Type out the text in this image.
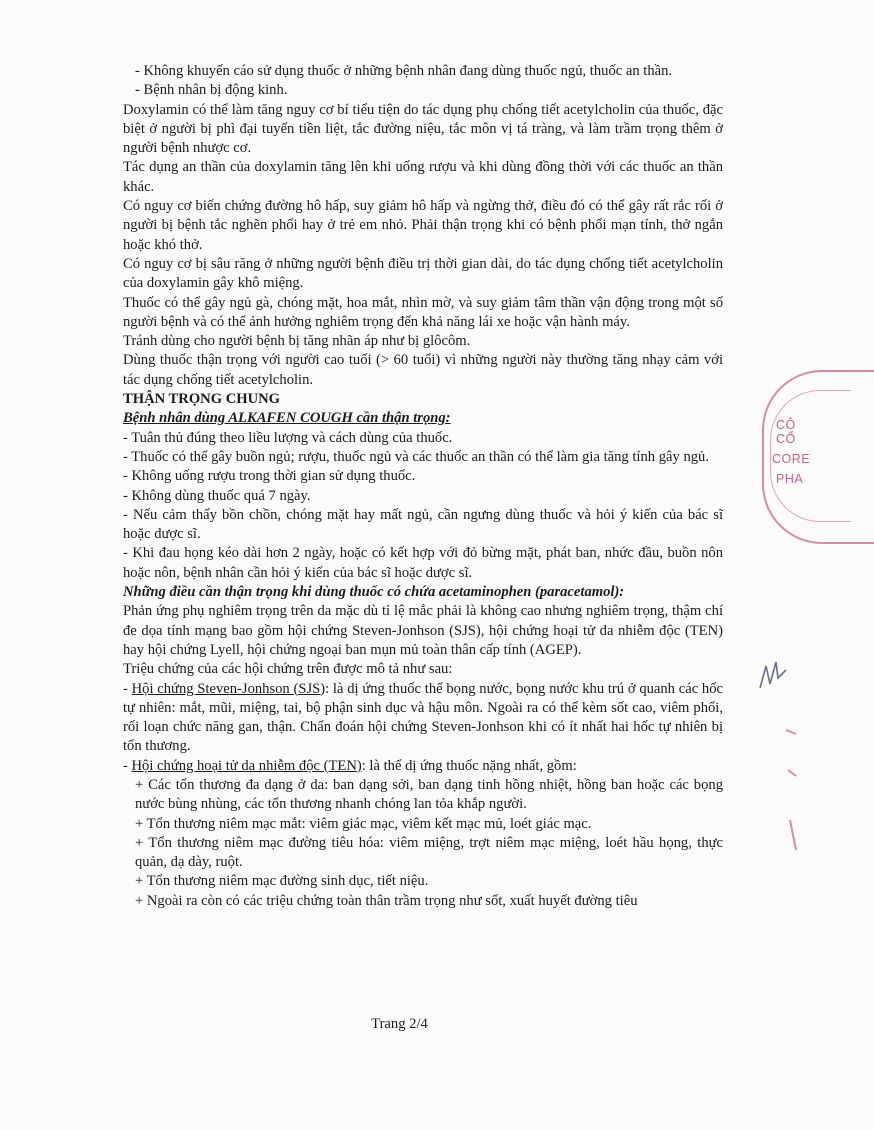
- Không khuyến cáo sử dụng thuốc ở những bệnh nhân đang dùng thuốc ngủ, thuốc an thần.

- Bệnh nhân bị động kinh.

Doxylamin có thể làm tăng nguy cơ bí tiểu tiện do tác dụng phụ chống tiết acetylcholin của thuốc, đặc biệt ở người bị phì đại tuyến tiền liệt, tắc đường niệu, tắc môn vị tá tràng, và làm trầm trọng thêm ở người bệnh nhược cơ.

Tác dụng an thần của doxylamin tăng lên khi uống rượu và khi dùng đồng thời với các thuốc an thần khác.

Có nguy cơ biến chứng đường hô hấp, suy giảm hô hấp và ngừng thở, điều đó có thể gây rất rắc rối ở người bị bệnh tắc nghẽn phổi hay ở trẻ em nhỏ. Phải thận trọng khi có bệnh phổi mạn tính, thở ngắn hoặc khó thở.

Có nguy cơ bị sâu răng ở những người bệnh điều trị thời gian dài, do tác dụng chống tiết acetylcholin của doxylamin gây khô miệng.

Thuốc có thể gây ngủ gà, chóng mặt, hoa mắt, nhìn mờ, và suy giảm tâm thần vận động trong một số người bệnh và có thể ảnh hưởng nghiêm trọng đến khả năng lái xe hoặc vận hành máy.

Tránh dùng cho người bệnh bị tăng nhãn áp như bị glôcôm.

Dùng thuốc thận trọng với người cao tuổi (> 60 tuổi) vì những người này thường tăng nhạy cảm với tác dụng chống tiết acetylcholin.

THẬN TRỌNG CHUNG

Bệnh nhân dùng ALKAFEN COUGH cần thận trọng:

- Tuân thủ đúng theo liều lượng và cách dùng của thuốc.

- Thuốc có thể gây buồn ngủ; rượu, thuốc ngủ và các thuốc an thần có thể làm gia tăng tính gây ngủ.

- Không uống rượu trong thời gian sử dụng thuốc.

- Không dùng thuốc quá 7 ngày.

- Nếu cảm thấy bồn chồn, chóng mặt hay mất ngủ, cần ngưng dùng thuốc và hỏi ý kiến của bác sĩ hoặc dược sĩ.

- Khi đau họng kéo dài hơn 2 ngày, hoặc có kết hợp với đỏ bừng mặt, phát ban, nhức đầu, buồn nôn hoặc nôn, bệnh nhân cần hỏi ý kiến của bác sĩ hoặc dược sĩ.

Những điều cần thận trọng khi dùng thuốc có chứa acetaminophen (paracetamol):

Phản ứng phụ nghiêm trọng trên da mặc dù tỉ lệ mắc phải là không cao nhưng nghiêm trọng, thậm chí đe dọa tính mạng bao gồm hội chứng Steven-Jonhson (SJS), hội chứng hoại tử da nhiễm độc (TEN) hay hội chứng Lyell, hội chứng ngoại ban mụn mủ toàn thân cấp tính (AGEP).

Triệu chứng của các hội chứng trên được mô tả như sau:

- Hội chứng Steven-Jonhson (SJS): là dị ứng thuốc thể bọng nước, bọng nước khu trú ở quanh các hốc tự nhiên: mắt, mũi, miệng, tai, bộ phận sinh dục và hậu môn. Ngoài ra có thể kèm sốt cao, viêm phổi, rối loạn chức năng gan, thận. Chẩn đoán hội chứng Steven-Jonhson khi có ít nhất hai hốc tự nhiên bị tổn thương.

- Hội chứng hoại tử da nhiễm độc (TEN): là thể dị ứng thuốc nặng nhất, gồm:

+ Các tổn thương đa dạng ở da: ban dạng sởi, ban dạng tinh hồng nhiệt, hồng ban hoặc các bọng nước bùng nhùng, các tổn thương nhanh chóng lan tỏa khắp người.

+ Tổn thương niêm mạc mắt: viêm giác mạc, viêm kết mạc mủ, loét giác mạc.

+ Tổn thương niêm mạc đường tiêu hóa: viêm miệng, trợt niêm mạc miệng, loét hầu họng, thực quản, dạ dày, ruột.

+ Tổn thương niêm mạc đường sinh dục, tiết niệu.

+ Ngoài ra còn có các triệu chứng toàn thân trầm trọng như sốt, xuất huyết đường tiêu

Trang 2/4
CÔ
CỔ
CORE
PHA
